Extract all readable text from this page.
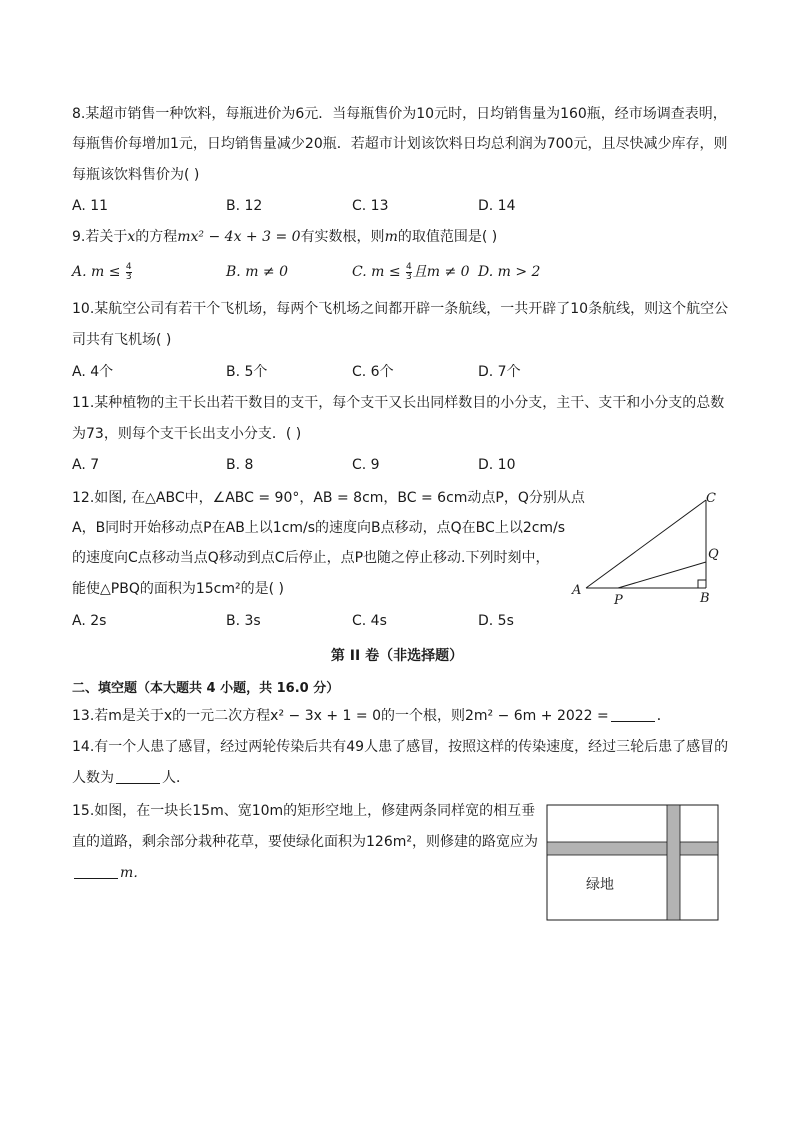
8.某超市销售一种饮料，每瓶进价为6元．当每瓶售价为10元时，日均销售量为160瓶，经市场调查表明，
每瓶售价每增加1元，日均销售量减少20瓶．若超市计划该饮料日均总利润为700元，且尽快减少库存，则
每瓶该饮料售价为( )
A. 11	B. 12	C. 13	D. 14
9.若关于x的方程mx² − 4x + 3 = 0有实数根，则m的取值范围是( )
A. $m \le \frac{4}{3}$	B. m ≠ 0	C. $m \le \frac{4}{3}$ 且m ≠ 0 D. m > 2
10.某航空公司有若干个飞机场，每两个飞机场之间都开辟一条航线，一共开辟了10条航线，则这个航空公
司共有飞机场( )
A. 4个	B. 5个	C. 6个	D. 7个
11.某种植物的主干长出若干数目的支干，每个支干又长出同样数目的小分支，主干、支干和小分支的总数
为73，则每个支干长出支小分支．( )
A. 7	B. 8	C. 9	D. 10
12.如图, 在△ABC中，∠ABC = 90°，AB = 8cm，BC = 6cm动点P，Q分别从点
A，B同时开始移动点P在AB上以1cm/s的速度向B点移动，点Q在BC上以2cm/s
的速度向C点移动当点Q移动到点C后停止，点P也随之停止移动.下列时刻中，
能使△PBQ的面积为15cm²的是( )
A. 2s	B. 3s	C. 4s	D. 5s
A
B
C
P
Q
第 II 卷（非选择题）
二、填空题（本大题共 4 小题，共 16.0 分）
13.若m是关于x的一元二次方程x² − 3x + 1 = 0的一个根，则2m² − 6m + 2022 =	．
14.有一个人患了感冒，经过两轮传染后共有49人患了感冒，按照这样的传染速度，经过三轮后患了感冒的
人数为	人．
15.如图，在一块长15m、宽10m的矩形空地上，修建两条同样宽的相互垂
直的道路，剩余部分栽种花草，要使绿化面积为126m²，则修建的路宽应为
m．
绿地
